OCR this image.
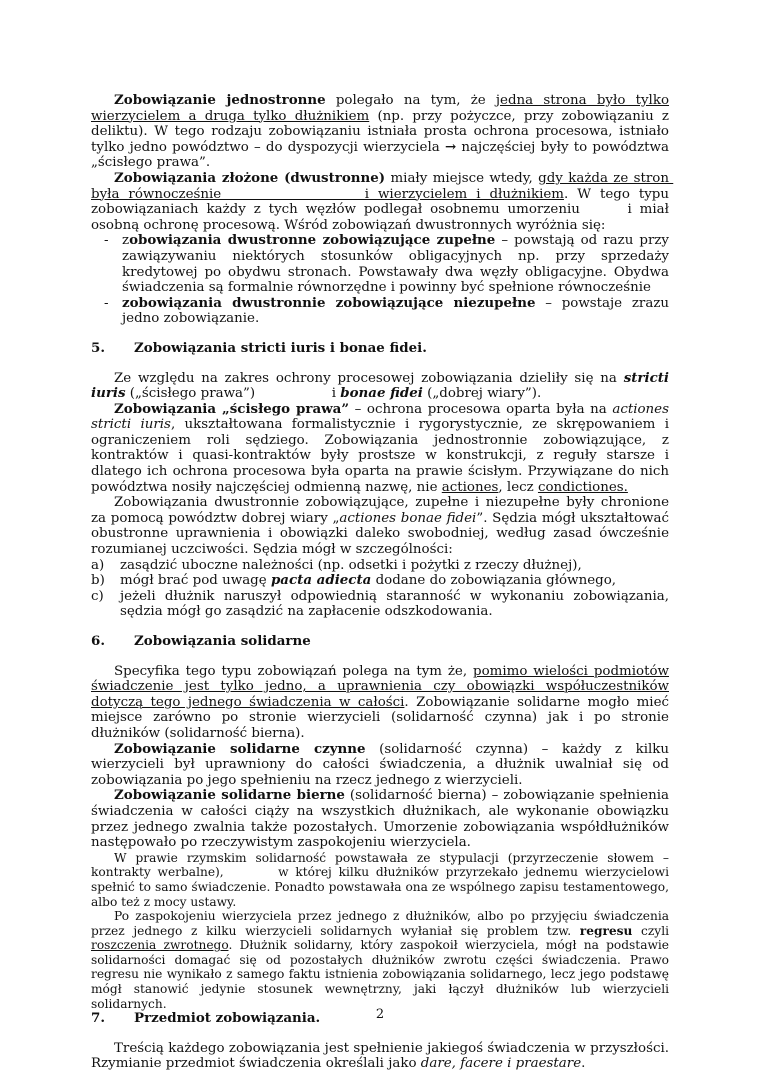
Zobowiązanie jednostronne polegało na tym, że jedna strona było tylko wierzycielem a druga tylko dłużnikiem (np. przy pożyczce, przy zobowiązaniu z deliktu). W tego rodzaju zobowiązaniu istniała prosta ochrona procesowa, istniało tylko jedno powództwo – do dyspozycji wierzyciela → najczęściej były to powództwa „ścisłego prawa”.

Zobowiązania złożone (dwustronne) miały miejsce wtedy, gdy każda ze stron była równocześnie                i wierzycielem i dłużnikiem. W tego typu zobowiązaniach każdy z tych węzłów podlegał osobnemu umorzeniu      i miał osobną ochronę procesową. Wśród zobowiązań dwustronnych wyróżnia się:

- zobowiązania dwustronne zobowiązujące zupełne – powstają od razu przy zawiązywaniu niektórych stosunków obligacyjnych np. przy sprzedaży kredytowej po obydwu stronach. Powstawały dwa węzły obligacyjne. Obydwa świadczenia są formalnie równorzędne i powinny być spełnione równocześnie
- zobowiązania dwustronnie zobowiązujące niezupełne – powstaje zrazu jedno zobowiązanie.

5. Zobowiązania stricti iuris i bonae fidei.

Ze względu na zakres ochrony procesowej zobowiązania dzieliły się na stricti iuris („ścisłego prawa”)                  i bonae fidei („dobrej wiary”).

Zobowiązania „ścisłego prawa” – ochrona procesowa oparta była na actiones stricti iuris, ukształtowana formalistycznie i rygorystycznie, ze skrępowaniem i ograniczeniem roli sędziego. Zobowiązania jednostronnie zobowiązujące, z kontraktów i quasi-kontraktów były prostsze w konstrukcji, z reguły starsze i dlatego ich ochrona procesowa była oparta na prawie ścisłym. Przywiązane do nich powództwa nosiły najczęściej odmienną nazwę, nie actiones, lecz condictiones.

Zobowiązania dwustronnie zobowiązujące, zupełne i niezupełne były chronione za pomocą powództw dobrej wiary „actiones bonae fidei”. Sędzia mógł ukształtować obustronne uprawnienia i obowiązki daleko swobodniej, według zasad ówcześnie rozumianej uczciwości. Sędzia mógł w szczególności:

a) zasądzić uboczne należności (np. odsetki i pożytki z rzeczy dłużnej),
b) mógł brać pod uwagę pacta adiecta dodane do zobowiązania głównego,
c) jeżeli dłużnik naruszył odpowiednią staranność w wykonaniu zobowiązania, sędzia mógł go zasądzić na zapłacenie odszkodowania.

6. Zobowiązania solidarne

Specyfika tego typu zobowiązań polega na tym że, pomimo wielości podmiotów świadczenie jest tylko jedno, a uprawnienia czy obowiązki współuczestników dotyczą tego jednego świadczenia w całości. Zobowiązanie solidarne mogło mieć miejsce zarówno po stronie wierzycieli (solidarność czynna) jak i po stronie dłużników (solidarność bierna).

Zobowiązanie solidarne czynne (solidarność czynna) – każdy z kilku wierzycieli był uprawniony do całości świadczenia, a dłużnik uwalniał się od zobowiązania po jego spełnieniu na rzecz jednego z wierzycieli.

Zobowiązanie solidarne bierne (solidarność bierna) – zobowiązanie spełnienia świadczenia w całości ciąży na wszystkich dłużnikach, ale wykonanie obowiązku przez jednego zwalnia także pozostałych. Umorzenie zobowiązania współdłużników następowało po rzeczywistym zaspokojeniu wierzyciela.

W prawie rzymskim solidarność powstawała ze stypulacji (przyrzeczenie słowem – kontrakty werbalne),        w której kilku dłużników przyrzekało jednemu wierzycielowi spełnić to samo świadczenie. Ponadto powstawała ona ze wspólnego zapisu testamentowego, albo też z mocy ustawy.

Po zaspokojeniu wierzyciela przez jednego z dłużników, albo po przyjęciu świadczenia przez jednego z kilku wierzycieli solidarnych wyłaniał się problem tzw. regresu czyli roszczenia zwrotnego. Dłużnik solidarny, który zaspokoił wierzyciela, mógł na podstawie solidarności domagać się od pozostałych dłużników zwrotu części świadczenia. Prawo regresu nie wynikało z samego faktu istnienia zobowiązania solidarnego, lecz jego podstawę mógł stanowić jedynie stosunek wewnętrzny, jaki łączył dłużników lub wierzycieli solidarnych.

7. Przedmiot zobowiązania.

Treścią każdego zobowiązania jest spełnienie jakiegoś świadczenia w przyszłości. Rzymianie przedmiot świadczenia określali jako dare, facere i praestare.

2
